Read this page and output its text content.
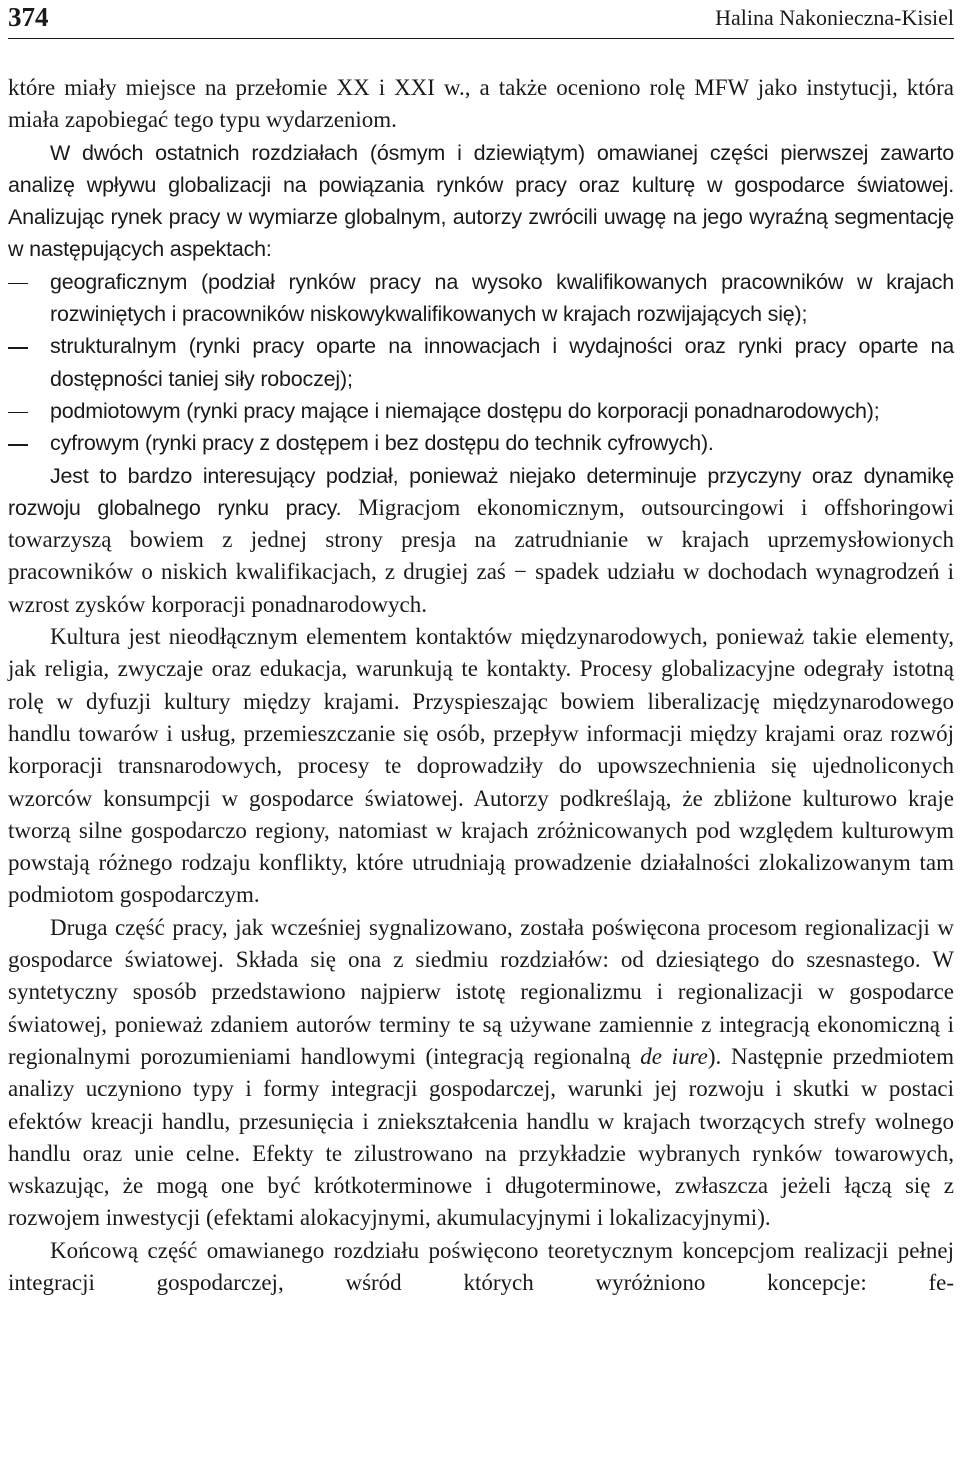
374	Halina Nakonieczna-Kisiel

które miały miejsce na przełomie XX i XXI w., a także oceniono rolę MFW jako instytucji, która miała zapobiegać tego typu wydarzeniom.

W dwóch ostatnich rozdziałach (ósmym i dziewiątym) omawianej części pierwszej zawarto analizę wpływu globalizacji na powiązania rynków pracy oraz kulturę w gospodarce światowej. Analizując rynek pracy w wymiarze globalnym, autorzy zwrócili uwagę na jego wyraźną segmentację w następujących aspektach:

geograficznym (podział rynków pracy na wysoko kwalifikowanych pracowników w krajach rozwiniętych i pracowników niskowykwalifikowanych w krajach rozwijających się);

strukturalnym (rynki pracy oparte na innowacjach i wydajności oraz rynki pracy oparte na dostępności taniej siły roboczej);

podmiotowym (rynki pracy mające i niemające dostępu do korporacji ponadnarodowych);

cyfrowym (rynki pracy z dostępem i bez dostępu do technik cyfrowych).

Jest to bardzo interesujący podział, ponieważ niejako determinuje przyczyny oraz dynamikę rozwoju globalnego rynku pracy. Migracjom ekonomicznym, outsourcingowi i offshoringowi towarzyszą bowiem z jednej strony presja na zatrudnianie w krajach uprzemysłowionych pracowników o niskich kwalifikacjach, z drugiej zaś − spadek udziału w dochodach wynagrodzeń i wzrost zysków korporacji ponadnarodowych.

Kultura jest nieodłącznym elementem kontaktów międzynarodowych, ponieważ takie elementy, jak religia, zwyczaje oraz edukacja, warunkują te kontakty. Procesy globalizacyjne odegrały istotną rolę w dyfuzji kultury między krajami. Przyspieszając bowiem liberalizację międzynarodowego handlu towarów i usług, przemieszczanie się osób, przepływ informacji między krajami oraz rozwój korporacji transnarodowych, procesy te doprowadziły do upowszechnienia się ujednoliconych wzorców konsumpcji w gospodarce światowej. Autorzy podkreślają, że zbliżone kulturowo kraje tworzą silne gospodarczo regiony, natomiast w krajach zróżnicowanych pod względem kulturowym powstają różnego rodzaju konflikty, które utrudniają prowadzenie działalności zlokalizowanym tam podmiotom gospodarczym.

Druga część pracy, jak wcześniej sygnalizowano, została poświęcona procesom regionalizacji w gospodarce światowej. Składa się ona z siedmiu rozdziałów: od dziesiątego do szesnastego. W syntetyczny sposób przedstawiono najpierw istotę regionalizmu i regionalizacji w gospodarce światowej, ponieważ zdaniem autorów terminy te są używane zamiennie z integracją ekonomiczną i regionalnymi porozumieniami handlowymi (integracją regionalną de iure). Następnie przedmiotem analizy uczyniono typy i formy integracji gospodarczej, warunki jej rozwoju i skutki w postaci efektów kreacji handlu, przesunięcia i zniekształcenia handlu w krajach tworzących strefy wolnego handlu oraz unie celne. Efekty te zilustrowano na przykładzie wybranych rynków towarowych, wskazując, że mogą one być krótkoterminowe i długoterminowe, zwłaszcza jeżeli łączą się z rozwojem inwestycji (efektami alokacyjnymi, akumulacyjnymi i lokalizacyjnymi).

Końcową część omawianego rozdziału poświęcono teoretycznym koncepcjom realizacji pełnej integracji gospodarczej, wśród których wyróżniono koncepcje: fe-
